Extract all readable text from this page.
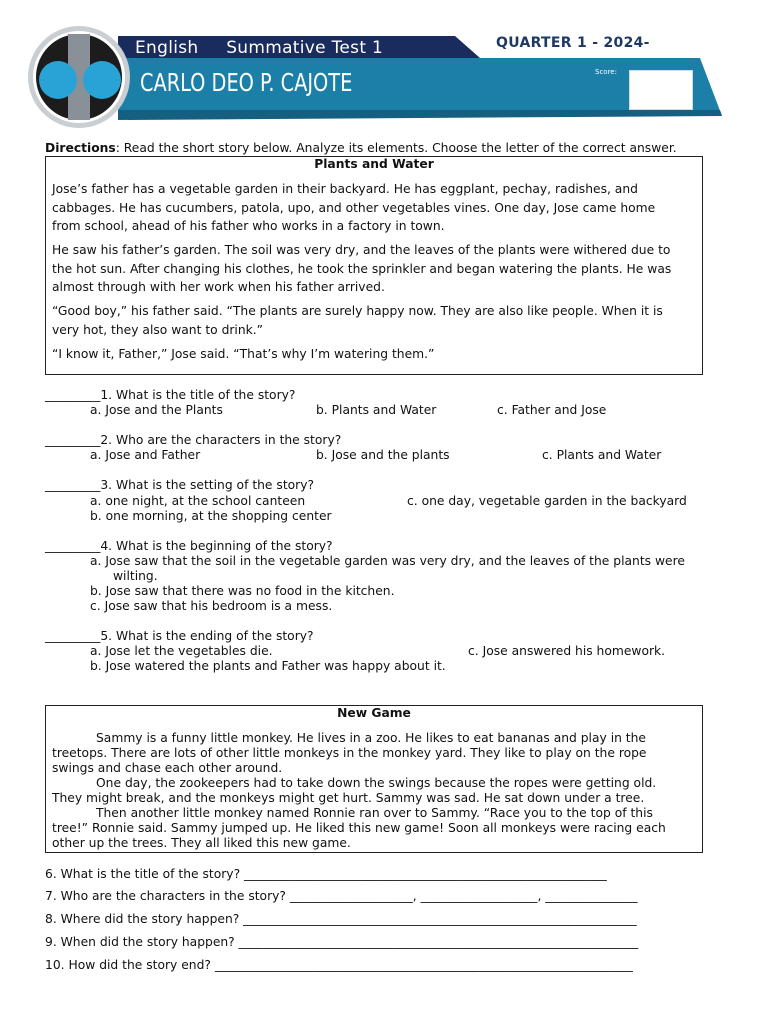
English Summative Test 1
CARLO DEO P. CAJOTE
QUARTER 1 - 2024-
Score:
Directions: Read the short story below. Analyze its elements. Choose the letter of the correct answer.
Plants and Water
Jose’s father has a vegetable garden in their backyard. He has eggplant, pechay, radishes, and
cabbages. He has cucumbers, patola, upo, and other vegetables vines. One day, Jose came home
from school, ahead of his father who works in a factory in town.
He saw his father’s garden. The soil was very dry, and the leaves of the plants were withered due to
the hot sun. After changing his clothes, he took the sprinkler and began watering the plants. He was
almost through with her work when his father arrived.
“Good boy,” his father said. “The plants are surely happy now. They are also like people. When it is
very hot, they also want to drink.”
“I know it, Father,” Jose said. “That’s why I’m watering them.”
_________1. What is the title of the story?
a. Jose and the Plants	b. Plants and Water	c. Father and Jose
_________2. Who are the characters in the story?
a. Jose and Father	b. Jose and the plants	c. Plants and Water
_________3. What is the setting of the story?
a. one night, at the school canteen	c. one day, vegetable garden in the backyard
b. one morning, at the shopping center
_________4. What is the beginning of the story?
a. Jose saw that the soil in the vegetable garden was very dry, and the leaves of the plants were
wilting.
b. Jose saw that there was no food in the kitchen.
c. Jose saw that his bedroom is a mess.
_________5. What is the ending of the story?
a. Jose let the vegetables die.	c. Jose answered his homework.
b. Jose watered the plants and Father was happy about it.
New Game
Sammy is a funny little monkey. He lives in a zoo. He likes to eat bananas and play in the
treetops. There are lots of other little monkeys in the monkey yard. They like to play on the rope
swings and chase each other around.
One day, the zookeepers had to take down the swings because the ropes were getting old.
They might break, and the monkeys might get hurt. Sammy was sad. He sat down under a tree.
Then another little monkey named Ronnie ran over to Sammy. “Race you to the top of this
tree!” Ronnie said. Sammy jumped up. He liked this new game! Soon all monkeys were racing each
other up the trees. They all liked this new game.
6. What is the title of the story? ___________________________________________________________
7. Who are the characters in the story? ____________________, ___________________, _______________
8. Where did the story happen? ________________________________________________________________
9. When did the story happen? _________________________________________________________________
10. How did the story end? ____________________________________________________________________
